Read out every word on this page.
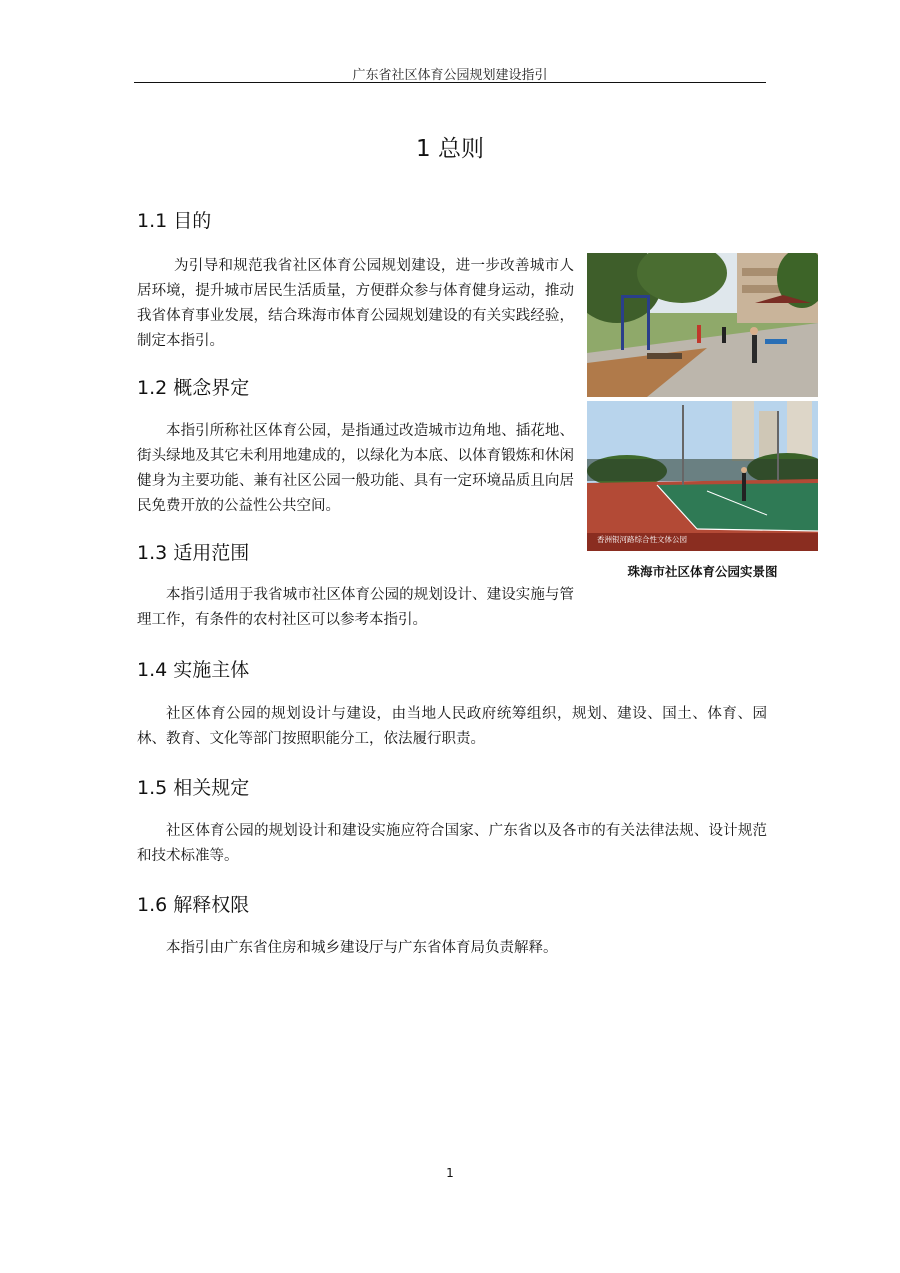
广东省社区体育公园规划建设指引
1 总则
1.1 目的

为引导和规范我省社区体育公园规划建设，进一步改善城市人居环境，提升城市居民生活质量，方便群众参与体育健身运动，推动我省体育事业发展，结合珠海市体育公园规划建设的有关实践经验，制定本指引。

1.2 概念界定

本指引所称社区体育公园，是指通过改造城市边角地、插花地、街头绿地及其它未利用地建成的，以绿化为本底、以体育锻炼和休闲健身为主要功能、兼有社区公园一般功能、具有一定环境品质且向居民免费开放的公益性公共空间。

1.3 适用范围

本指引适用于我省城市社区体育公园的规划设计、建设实施与管理工作，有条件的农村社区可以参考本指引。

1.4 实施主体

社区体育公园的规划设计与建设，由当地人民政府统筹组织，规划、建设、国土、体育、园林、教育、文化等部门按照职能分工，依法履行职责。

1.5 相关规定

社区体育公园的规划设计和建设实施应符合国家、广东省以及各市的有关法律法规、设计规范和技术标准等。

1.6 解释权限

本指引由广东省住房和城乡建设厅与广东省体育局负责解释。

香洲银河路综合性文体公园
珠海市社区体育公园实景图
1
